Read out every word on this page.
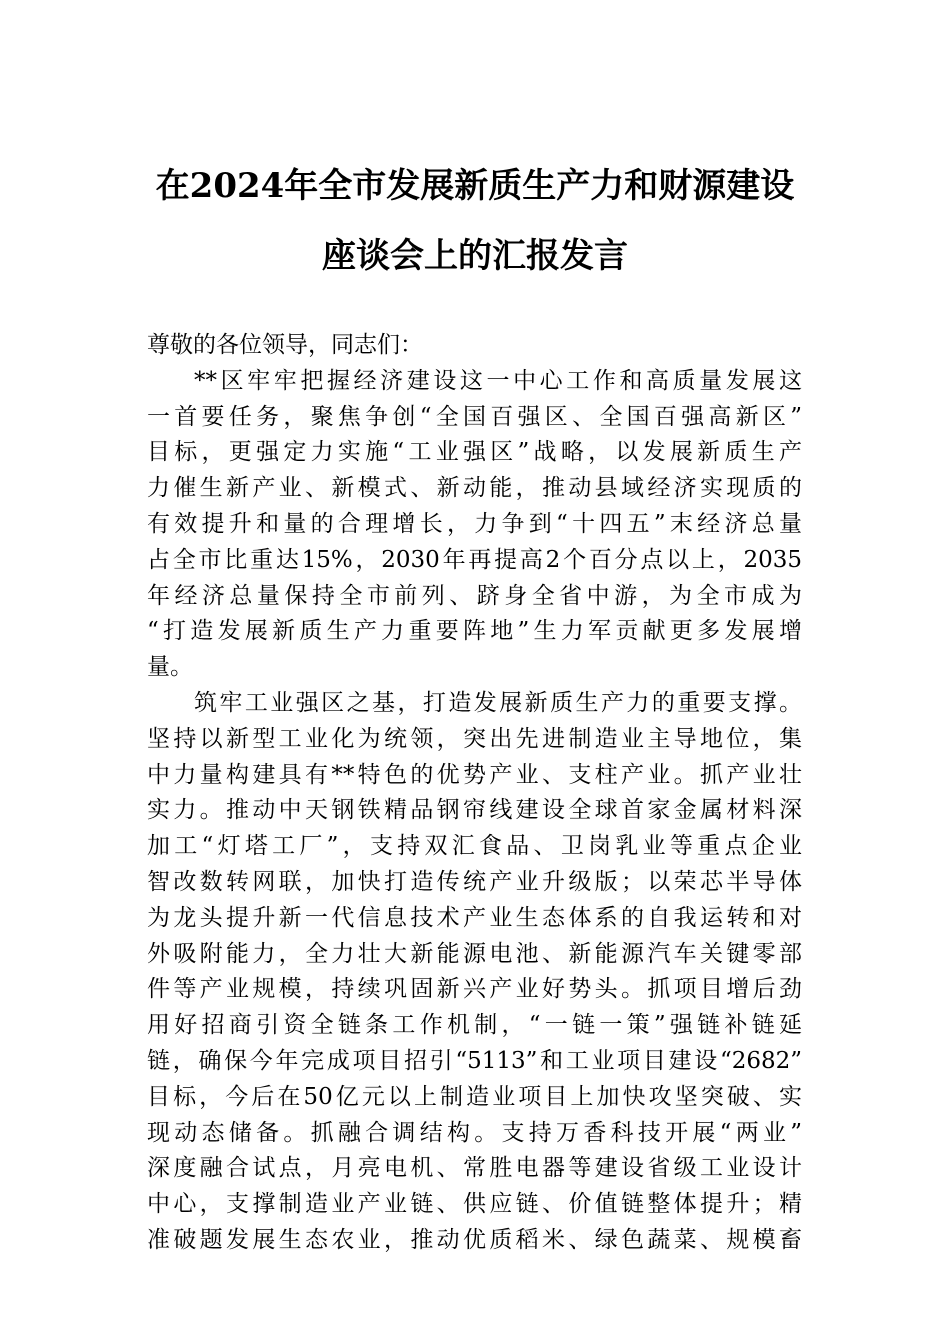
在2024年全市发展新质生产力和财源建设
座谈会上的汇报发言
尊敬的各位领导，同志们：
**区牢牢把握经济建设这一中心工作和高质量发展这
一首要任务，聚焦争创“全国百强区、全国百强高新区”
目标，更强定力实施“工业强区”战略，以发展新质生产
力催生新产业、新模式、新动能，推动县域经济实现质的
有效提升和量的合理增长，力争到“十四五”末经济总量
占全市比重达15%，2030年再提高2个百分点以上，2035
年经济总量保持全市前列、跻身全省中游，为全市成为
“打造发展新质生产力重要阵地”生力军贡献更多发展增
量。
筑牢工业强区之基，打造发展新质生产力的重要支撑。
坚持以新型工业化为统领，突出先进制造业主导地位，集
中力量构建具有**特色的优势产业、支柱产业。抓产业壮
实力。推动中天钢铁精品钢帘线建设全球首家金属材料深
加工“灯塔工厂”，支持双汇食品、卫岗乳业等重点企业
智改数转网联，加快打造传统产业升级版；以荣芯半导体
为龙头提升新一代信息技术产业生态体系的自我运转和对
外吸附能力，全力壮大新能源电池、新能源汽车关键零部
件等产业规模，持续巩固新兴产业好势头。抓项目增后劲
用好招商引资全链条工作机制，“一链一策”强链补链延
链，确保今年完成项目招引“5113”和工业项目建设“2682”
目标，今后在50亿元以上制造业项目上加快攻坚突破、实
现动态储备。抓融合调结构。支持万香科技开展“两业”
深度融合试点，月亮电机、常胜电器等建设省级工业设计
中心，支撑制造业产业链、供应链、价值链整体提升；精
准破题发展生态农业，推动优质稻米、绿色蔬菜、规模畜
